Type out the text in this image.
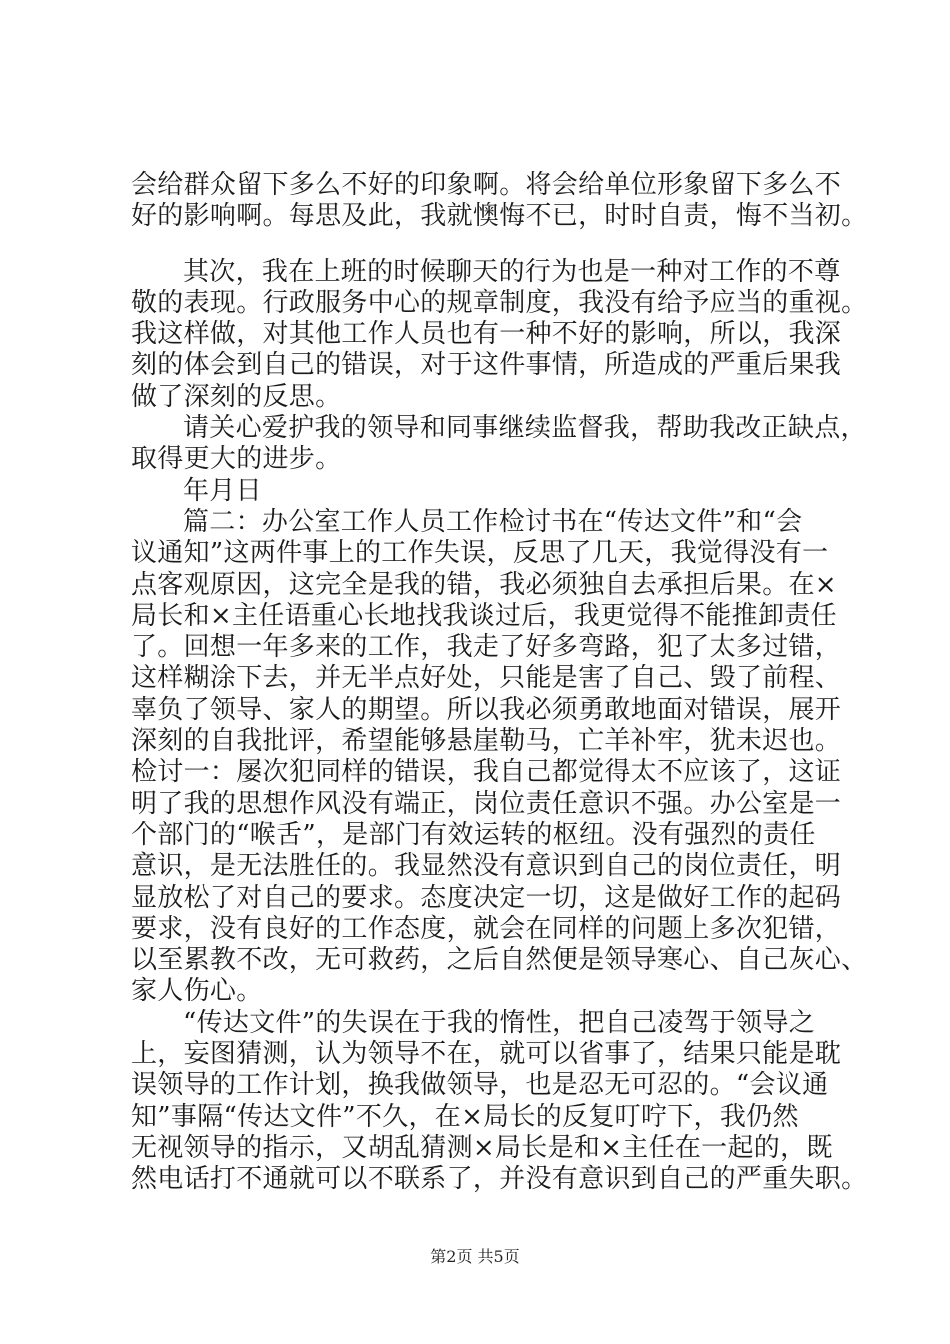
会给群众留下多么不好的印象啊。将会给单位形象留下多么不
好的影响啊。每思及此，我就懊悔不已，时时自责，悔不当初。
其次，我在上班的时候聊天的行为也是一种对工作的不尊
敬的表现。行政服务中心的规章制度，我没有给予应当的重视。
我这样做，对其他工作人员也有一种不好的影响，所以，我深
刻的体会到自己的错误，对于这件事情，所造成的严重后果我
做了深刻的反思。
请关心爱护我的领导和同事继续监督我，帮助我改正缺点，
取得更大的进步。
年月日
篇二：办公室工作人员工作检讨书在“传达文件”和“会
议通知”这两件事上的工作失误，反思了几天，我觉得没有一
点客观原因，这完全是我的错，我必须独自去承担后果。在×
局长和×主任语重心长地找我谈过后，我更觉得不能推卸责任
了。回想一年多来的工作，我走了好多弯路，犯了太多过错，
这样糊涂下去，并无半点好处，只能是害了自己、毁了前程、
辜负了领导、家人的期望。所以我必须勇敢地面对错误，展开
深刻的自我批评，希望能够悬崖勒马，亡羊补牢，犹未迟也。
检讨一：屡次犯同样的错误，我自己都觉得太不应该了，这证
明了我的思想作风没有端正，岗位责任意识不强。办公室是一
个部门的“喉舌”，是部门有效运转的枢纽。没有强烈的责任
意识，是无法胜任的。我显然没有意识到自己的岗位责任，明
显放松了对自己的要求。态度决定一切，这是做好工作的起码
要求，没有良好的工作态度，就会在同样的问题上多次犯错，
以至累教不改，无可救药，之后自然便是领导寒心、自己灰心、
家人伤心。
“传达文件”的失误在于我的惰性，把自己凌驾于领导之
上，妄图猜测，认为领导不在，就可以省事了，结果只能是耽
误领导的工作计划，换我做领导，也是忍无可忍的。“会议通
知”事隔“传达文件”不久，在×局长的反复叮咛下，我仍然
无视领导的指示，又胡乱猜测×局长是和×主任在一起的，既
然电话打不通就可以不联系了，并没有意识到自己的严重失职。
第2页 共5页
